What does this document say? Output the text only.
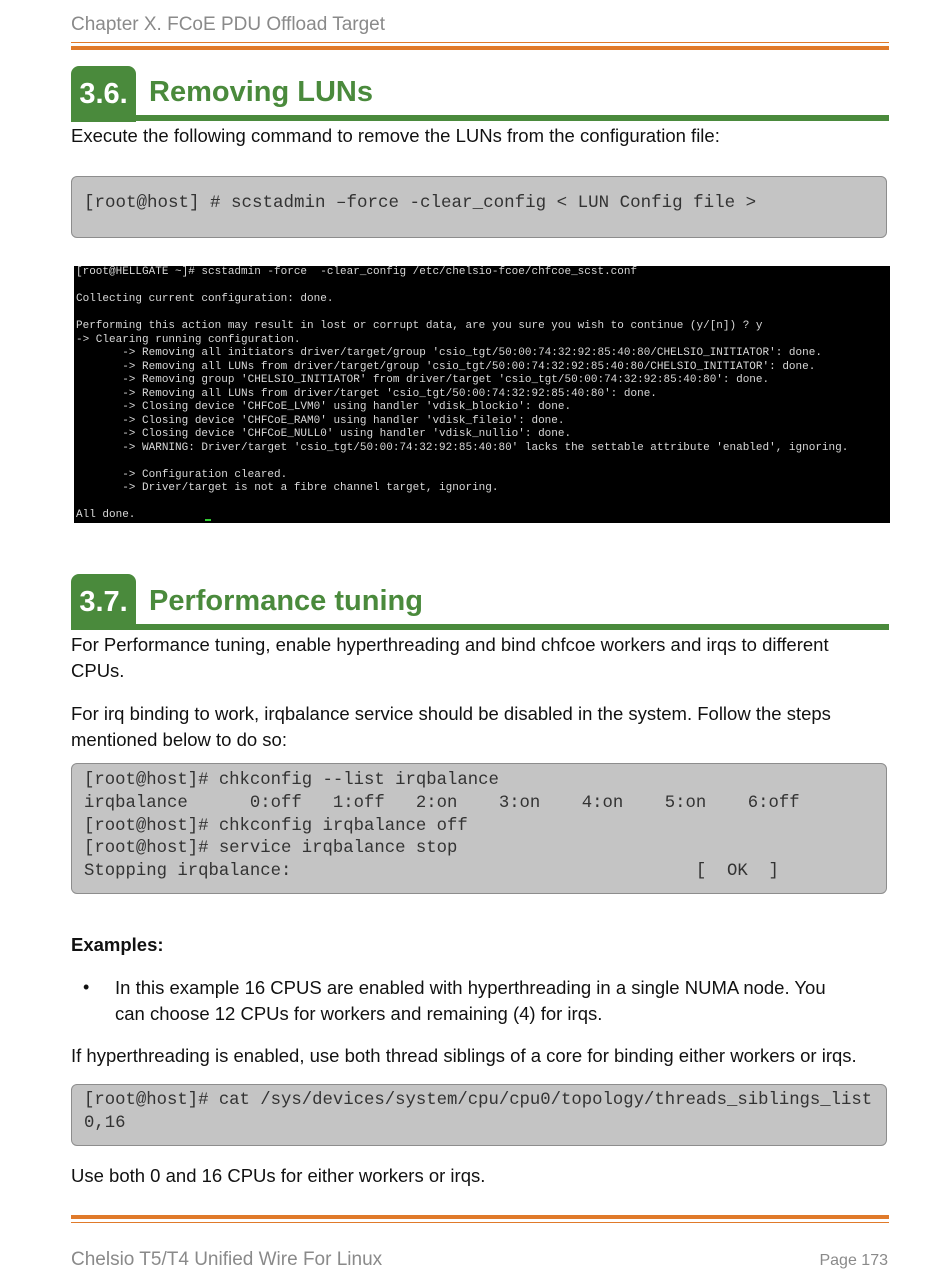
Chapter X. FCoE PDU Offload Target
3.6. Removing LUNs
Execute the following command to remove the LUNs from the configuration file:
[root@host] # scstadmin –force -clear_config < LUN Config file >
[root@HELLGATE ~]# scstadmin -force  -clear_config /etc/chelsio-fcoe/chfcoe_scst.conf
Collecting current configuration: done.
Performing this action may result in lost or corrupt data, are you sure you wish to continue (y/[n]) ? y
-> Clearing running configuration.
-> Removing all initiators driver/target/group 'csio_tgt/50:00:74:32:92:85:40:80/CHELSIO_INITIATOR': done.
-> Removing all LUNs from driver/target/group 'csio_tgt/50:00:74:32:92:85:40:80/CHELSIO_INITIATOR': done.
-> Removing group 'CHELSIO_INITIATOR' from driver/target 'csio_tgt/50:00:74:32:92:85:40:80': done.
-> Removing all LUNs from driver/target 'csio_tgt/50:00:74:32:92:85:40:80': done.
-> Closing device 'CHFCoE_LVM0' using handler 'vdisk_blockio': done.
-> Closing device 'CHFCoE_RAM0' using handler 'vdisk_fileio': done.
-> Closing device 'CHFCoE_NULL0' using handler 'vdisk_nullio': done.
-> WARNING: Driver/target 'csio_tgt/50:00:74:32:92:85:40:80' lacks the settable attribute 'enabled', ignoring.
-> Configuration cleared.
-> Driver/target is not a fibre channel target, ignoring.
All done.
3.7. Performance tuning
For Performance tuning, enable hyperthreading and bind chfcoe workers and irqs to different
CPUs.
For irq binding to work, irqbalance service should be disabled in the system. Follow the steps
mentioned below to do so:
[root@host]# chkconfig --list irqbalance
irqbalance      0:off   1:off   2:on    3:on    4:on    5:on    6:off
[root@host]# chkconfig irqbalance off
[root@host]# service irqbalance stop
Stopping irqbalance:                                       [  OK  ]
Examples:
• In this example 16 CPUS are enabled with hyperthreading in a single NUMA node. You
can choose 12 CPUs for workers and remaining (4) for irqs.
If hyperthreading is enabled, use both thread siblings of a core for binding either workers or irqs.
[root@host]# cat /sys/devices/system/cpu/cpu0/topology/threads_siblings_list
0,16
Use both 0 and 16 CPUs for either workers or irqs.
Chelsio T5/T4 Unified Wire For Linux	Page 173
